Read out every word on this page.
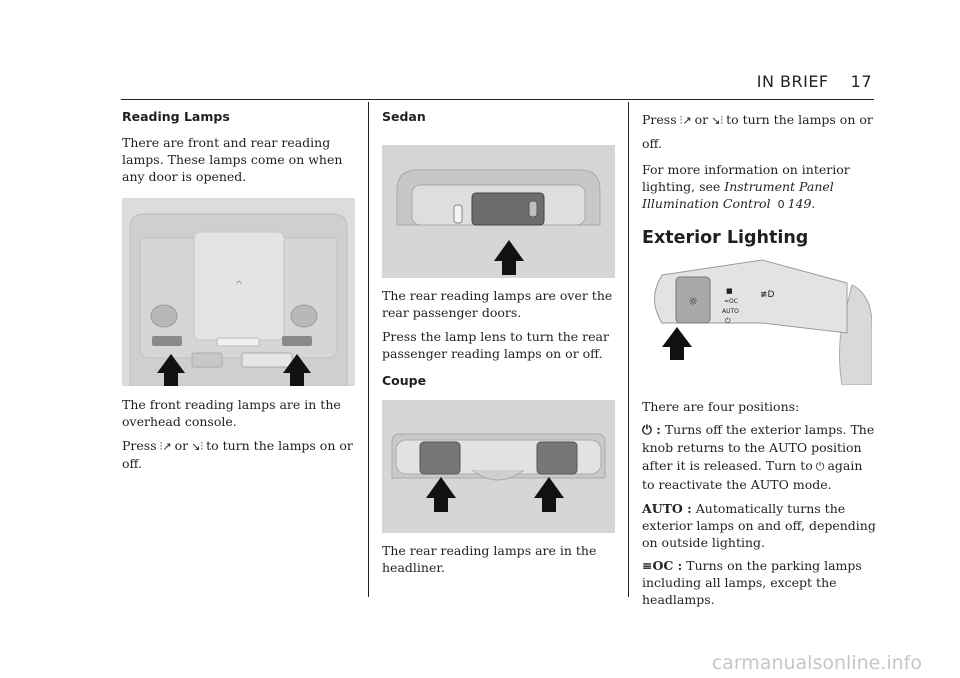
IN BRIEF 17
Reading Lamps

There are front and rear reading lamps. These lamps come on when any door is opened.

^

The front reading lamps are in the overhead console.

Press ⫶↗ or ↘⫶ to turn the lamps on or off.

Sedan

The rear reading lamps are over the rear passenger doors.

Press the lamp lens to turn the rear passenger reading lamps on or off.

Coupe

The rear reading lamps are in the headliner.

Press ⫶↗ or ↘⫶ to turn the lamps on or off.

For more information on interior lighting, see Instrument Panel Illumination Control 0 149.

Exterior Lighting
☼
■
=OC
AUTO
⏻
≢D

There are four positions:

⏻ : Turns off the exterior lamps. The knob returns to the AUTO position after it is released. Turn to ⏻ again to reactivate the AUTO mode.

AUTO : Automatically turns the exterior lamps on and off, depending on outside lighting.

≡OC : Turns on the parking lamps including all lamps, except the headlamps.

carmanualsonline.info
